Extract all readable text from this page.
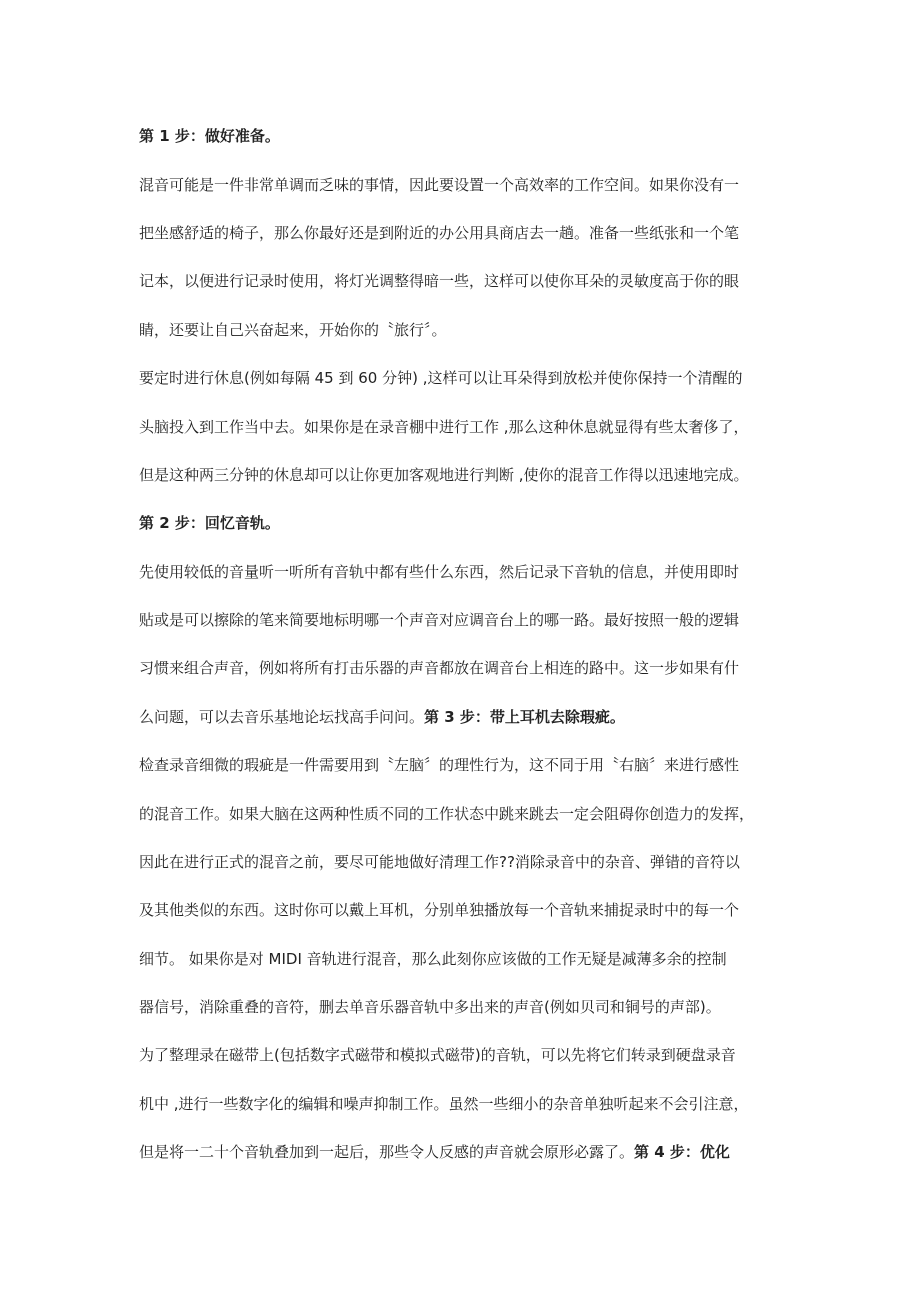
第 1 步：做好准备。
混音可能是一件非常单调而乏味的事情，因此要设置一个高效率的工作空间。如果你没有一
把坐感舒适的椅子，那么你最好还是到附近的办公用具商店去一趟。准备一些纸张和一个笔
记本，以便进行记录时使用，将灯光调整得暗一些，这样可以使你耳朵的灵敏度高于你的眼
睛，还要让自己兴奋起来，开始你的〝旅行〞。
要定时进行休息(例如每隔 45 到 60 分钟) ,这样可以让耳朵得到放松并使你保持一个清醒的
头脑投入到工作当中去。如果你是在录音棚中进行工作 ,那么这种休息就显得有些太奢侈了，
但是这种两三分钟的休息却可以让你更加客观地进行判断 ,使你的混音工作得以迅速地完成。
第 2 步：回忆音轨。
先使用较低的音量听一听所有音轨中都有些什么东西，然后记录下音轨的信息，并使用即时
贴或是可以擦除的笔来简要地标明哪一个声音对应调音台上的哪一路。最好按照一般的逻辑
习惯来组合声音，例如将所有打击乐器的声音都放在调音台上相连的路中。这一步如果有什
么问题，可以去音乐基地论坛找高手问问。第 3 步：带上耳机去除瑕疵。
检查录音细微的瑕疵是一件需要用到〝左脑〞的理性行为，这不同于用〝右脑〞来进行感性
的混音工作。如果大脑在这两种性质不同的工作状态中跳来跳去一定会阻碍你创造力的发挥，
因此在进行正式的混音之前，要尽可能地做好清理工作??消除录音中的杂音、弹错的音符以
及其他类似的东西。这时你可以戴上耳机，分别单独播放每一个音轨来捕捉录时中的每一个
细节。 如果你是对 MIDI 音轨进行混音，那么此刻你应该做的工作无疑是减薄多余的控制
器信号，消除重叠的音符，删去单音乐器音轨中多出来的声音(例如贝司和铜号的声部)。
为了整理录在磁带上(包括数字式磁带和模拟式磁带)的音轨，可以先将它们转录到硬盘录音
机中 ,进行一些数字化的编辑和噪声抑制工作。虽然一些细小的杂音单独听起来不会引注意，
但是将一二十个音轨叠加到一起后，那些令人反感的声音就会原形必露了。第 4 步：优化
